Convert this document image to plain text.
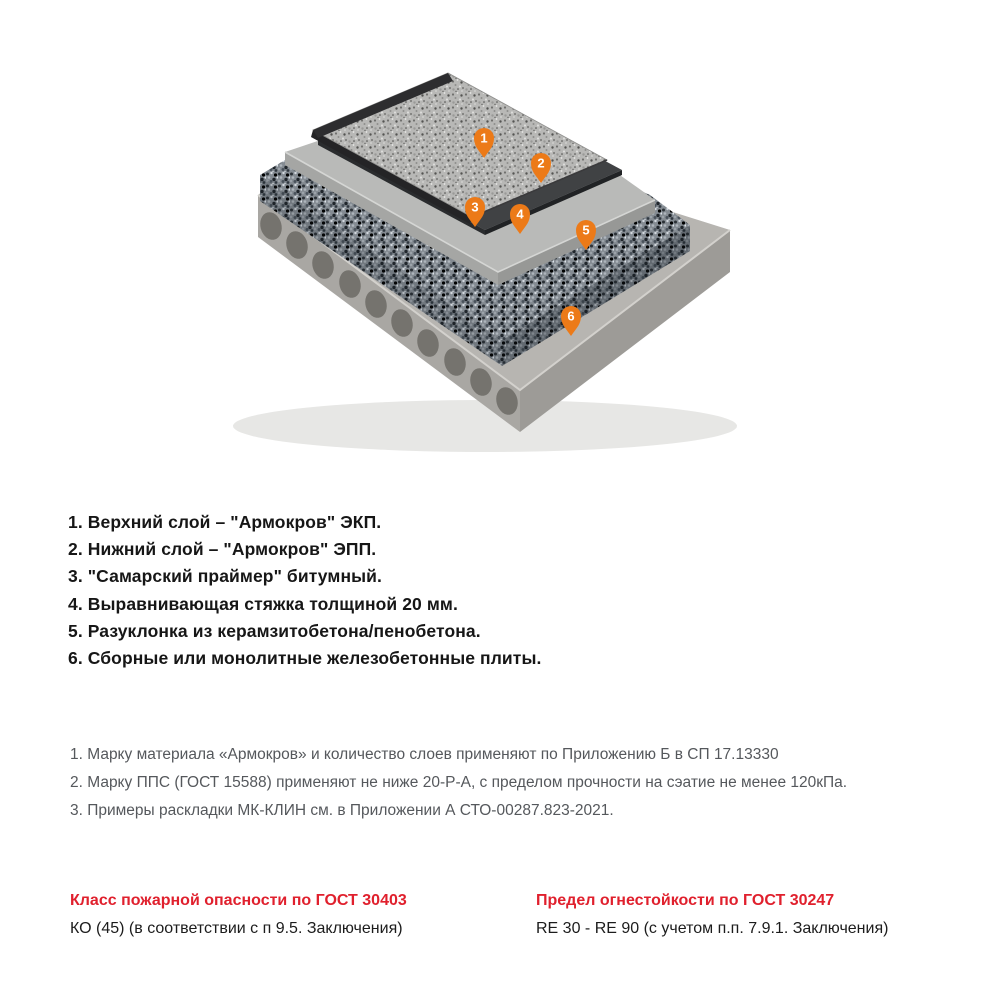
1
2
3	4
5
6
1. Верхний слой – "Армокров" ЭКП.
2. Нижний слой – "Армокров" ЭПП.
3. "Самарский праймер" битумный.
4. Выравнивающая стяжка толщиной 20 мм.
5. Разуклонка из керамзитобетона/пенобетона.
6. Сборные или монолитные железобетонные плиты.
1. Марку материала «Армокров» и количество слоев применяют по Приложению Б в СП 17.13330
2. Марку ППС (ГОСТ 15588) применяют не ниже 20-Р-А, с пределом прочности на сэатие не менее 120кПа.
3. Примеры раскладки МК-КЛИН см. в Приложении А СТО-00287.823-2021.
Класс пожарной опасности по ГОСТ 30403
КО (45) (в соответствии с п 9.5. Заключения)
Предел огнестойкости по ГОСТ 30247
RE 30 - RE 90 (с учетом п.п. 7.9.1. Заключения)
